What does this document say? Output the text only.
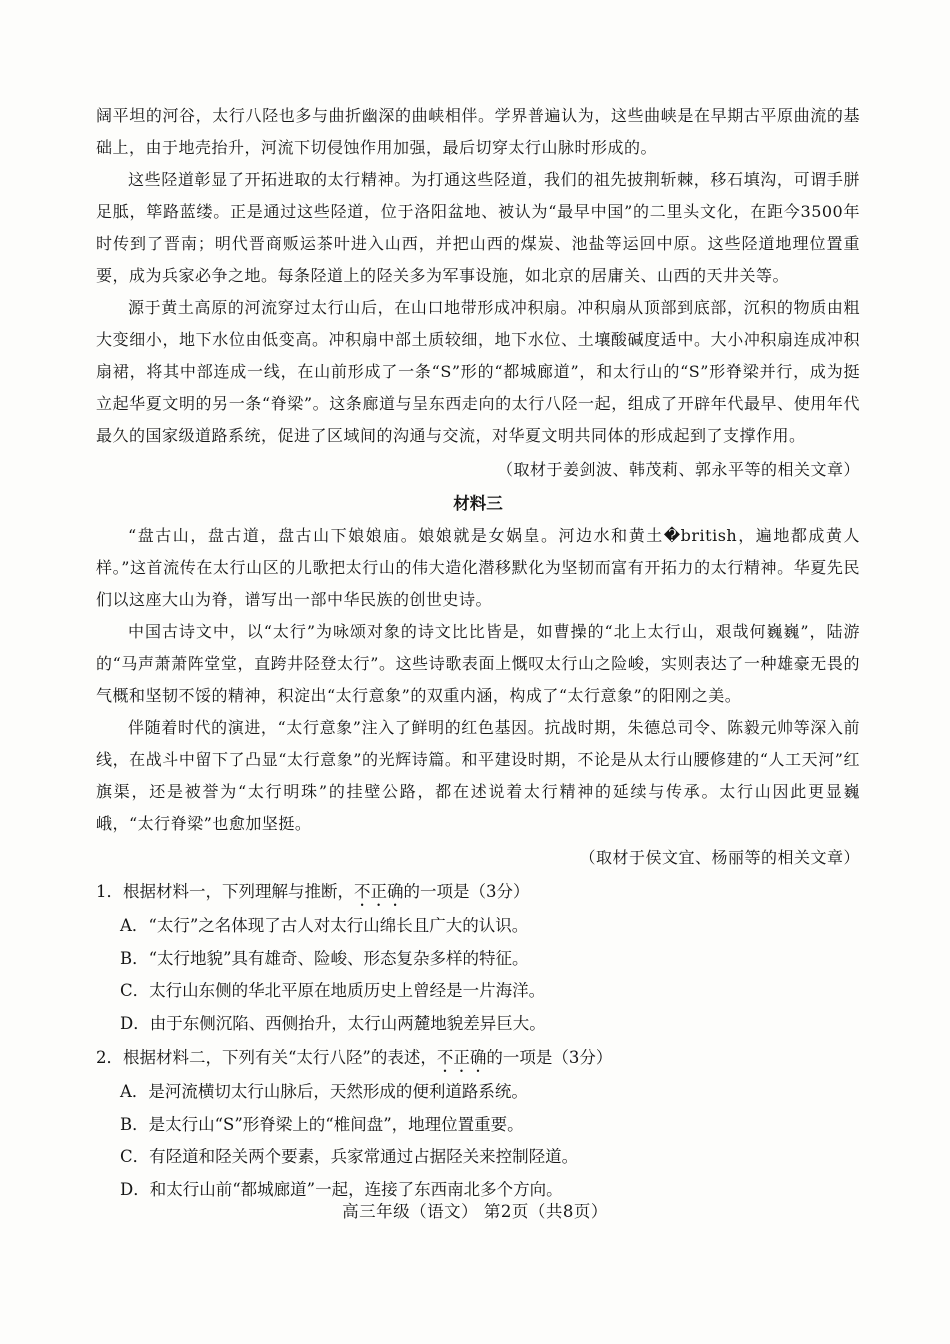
阔平坦的河谷，太行八陉也多与曲折幽深的曲峡相伴。学界普遍认为，这些曲峡是在早期古平原曲流的基础上，由于地壳抬升，河流下切侵蚀作用加强，最后切穿太行山脉时形成的。

这些陉道彰显了开拓进取的太行精神。为打通这些陉道，我们的祖先披荆斩棘，移石填沟，可谓手胼足胝，筚路蓝缕。正是通过这些陉道，位于洛阳盆地、被认为“最早中国”的二里头文化，在距今3500年时传到了晋南；明代晋商贩运茶叶进入山西，并把山西的煤炭、池盐等运回中原。这些陉道地理位置重要，成为兵家必争之地。每条陉道上的陉关多为军事设施，如北京的居庸关、山西的天井关等。

源于黄土高原的河流穿过太行山后，在山口地带形成冲积扇。冲积扇从顶部到底部，沉积的物质由粗大变细小，地下水位由低变高。冲积扇中部土质较细，地下水位、土壤酸碱度适中。大小冲积扇连成冲积扇裙，将其中部连成一线，在山前形成了一条“S”形的“都城廊道”，和太行山的“S”形脊梁并行，成为挺立起华夏文明的另一条“脊梁”。这条廊道与呈东西走向的太行八陉一起，组成了开辟年代最早、使用年代最久的国家级道路系统，促进了区域间的沟通与交流，对华夏文明共同体的形成起到了支撑作用。

（取材于姜剑波、韩茂莉、郭永平等的相关文章）

材料三

“盘古山，盘古道，盘古山下娘娘庙。娘娘就是女娲皇。河边水和黄土�british，遍地都成黄人样。”这首流传在太行山区的儿歌把太行山的伟大造化潜移默化为坚韧而富有开拓力的太行精神。华夏先民们以这座大山为脊，谱写出一部中华民族的创世史诗。

中国古诗文中，以“太行”为咏颂对象的诗文比比皆是，如曹操的“北上太行山，艰哉何巍巍”，陆游的“马声萧萧阵堂堂，直跨井陉登太行”。这些诗歌表面上慨叹太行山之险峻，实则表达了一种雄豪无畏的气概和坚韧不馁的精神，积淀出“太行意象”的双重内涵，构成了“太行意象”的阳刚之美。

伴随着时代的演进，“太行意象”注入了鲜明的红色基因。抗战时期，朱德总司令、陈毅元帅等深入前线，在战斗中留下了凸显“太行意象”的光辉诗篇。和平建设时期，不论是从太行山腰修建的“人工天河”红旗渠，还是被誉为“太行明珠”的挂壁公路，都在述说着太行精神的延续与传承。太行山因此更显巍峨，“太行脊梁”也愈加坚挺。

（取材于侯文宜、杨丽等的相关文章）

1．根据材料一，下列理解与推断，不正确的一项是（3分）
A．“太行”之名体现了古人对太行山绵长且广大的认识。
B．“太行地貌”具有雄奇、险峻、形态复杂多样的特征。
C．太行山东侧的华北平原在地质历史上曾经是一片海洋。
D．由于东侧沉陷、西侧抬升，太行山两麓地貌差异巨大。
2．根据材料二，下列有关“太行八陉”的表述，不正确的一项是（3分）
A．是河流横切太行山脉后，天然形成的便利道路系统。
B．是太行山“S”形脊梁上的“椎间盘”，地理位置重要。
C．有陉道和陉关两个要素，兵家常通过占据陉关来控制陉道。
D．和太行山前“都城廊道”一起，连接了东西南北多个方向。
高三年级（语文） 第2页（共8页）
